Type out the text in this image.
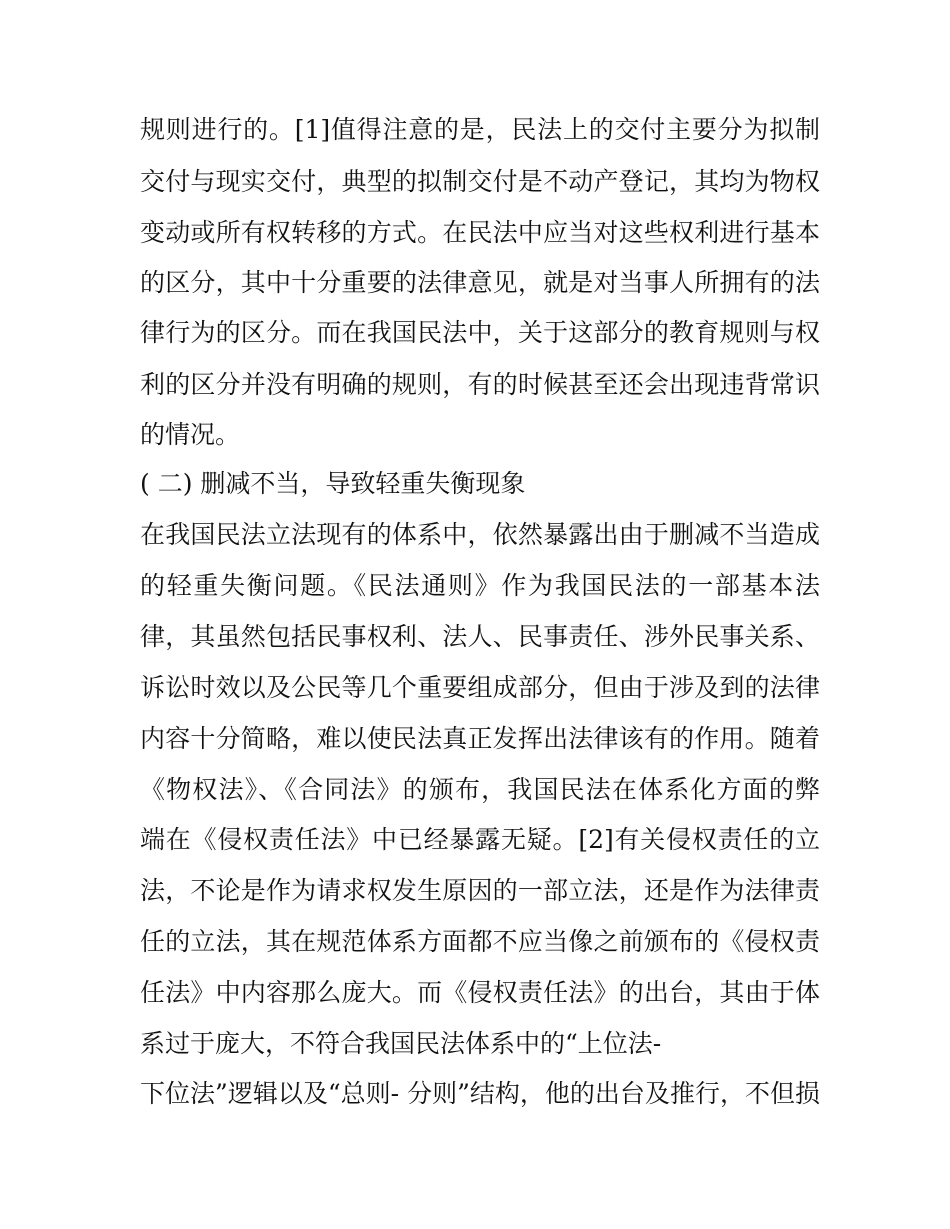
规则进行的。[1]值得注意的是，民法上的交付主要分为拟制
交付与现实交付，典型的拟制交付是不动产登记，其均为物权
变动或所有权转移的方式。在民法中应当对这些权利进行基本
的区分，其中十分重要的法律意见，就是对当事人所拥有的法
律行为的区分。而在我国民法中，关于这部分的教育规则与权
利的区分并没有明确的规则，有的时候甚至还会出现违背常识
的情况。
( 二) 删减不当，导致轻重失衡现象
在我国民法立法现有的体系中，依然暴露出由于删减不当造成
的轻重失衡问题。《民法通则》作为我国民法的一部基本法
律，其虽然包括民事权利、法人、民事责任、涉外民事关系、
诉讼时效以及公民等几个重要组成部分，但由于涉及到的法律
内容十分简略，难以使民法真正发挥出法律该有的作用。随着
《物权法》、《合同法》的颁布，我国民法在体系化方面的弊
端在《侵权责任法》中已经暴露无疑。[2]有关侵权责任的立
法，不论是作为请求权发生原因的一部立法，还是作为法律责
任的立法，其在规范体系方面都不应当像之前颁布的《侵权责
任法》中内容那么庞大。而《侵权责任法》的出台，其由于体
系过于庞大，不符合我国民法体系中的“上位法-
下位法”逻辑以及“总则- 分则”结构，他的出台及推行，不但损
